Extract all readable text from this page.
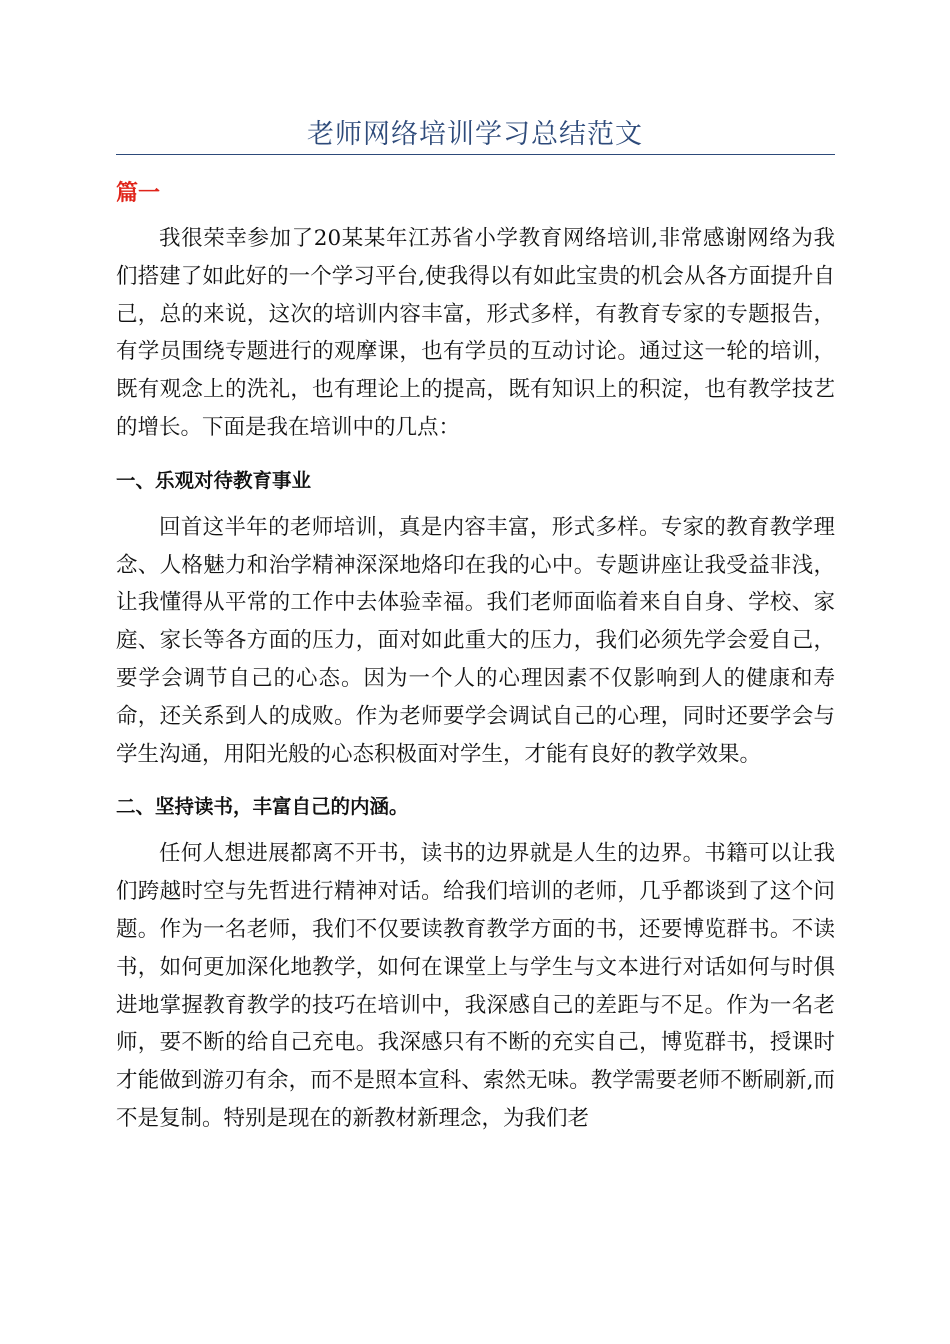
老师网络培训学习总结范文
篇一

我很荣幸参加了20某某年江苏省小学教育网络培训,非常感谢网络为我们搭建了如此好的一个学习平台,使我得以有如此宝贵的机会从各方面提升自己，总的来说，这次的培训内容丰富，形式多样，有教育专家的专题报告，有学员围绕专题进行的观摩课，也有学员的互动讨论。通过这一轮的培训，既有观念上的洗礼，也有理论上的提高，既有知识上的积淀，也有教学技艺的增长。下面是我在培训中的几点：

一、乐观对待教育事业

回首这半年的老师培训，真是内容丰富，形式多样。专家的教育教学理念、人格魅力和治学精神深深地烙印在我的心中。专题讲座让我受益非浅，让我懂得从平常的工作中去体验幸福。我们老师面临着来自自身、学校、家庭、家长等各方面的压力，面对如此重大的压力，我们必须先学会爱自己，要学会调节自己的心态。因为一个人的心理因素不仅影响到人的健康和寿命，还关系到人的成败。作为老师要学会调试自己的心理，同时还要学会与学生沟通，用阳光般的心态积极面对学生，才能有良好的教学效果。

二、坚持读书，丰富自己的内涵。

任何人想进展都离不开书，读书的边界就是人生的边界。书籍可以让我们跨越时空与先哲进行精神对话。给我们培训的老师，几乎都谈到了这个问题。作为一名老师，我们不仅要读教育教学方面的书，还要博览群书。不读书，如何更加深化地教学，如何在课堂上与学生与文本进行对话如何与时俱进地掌握教育教学的技巧在培训中，我深感自己的差距与不足。作为一名老师，要不断的给自己充电。我深感只有不断的充实自己，博览群书，授课时才能做到游刃有余，而不是照本宣科、索然无味。教学需要老师不断刷新,而不是复制。特别是现在的新教材新理念，为我们老
